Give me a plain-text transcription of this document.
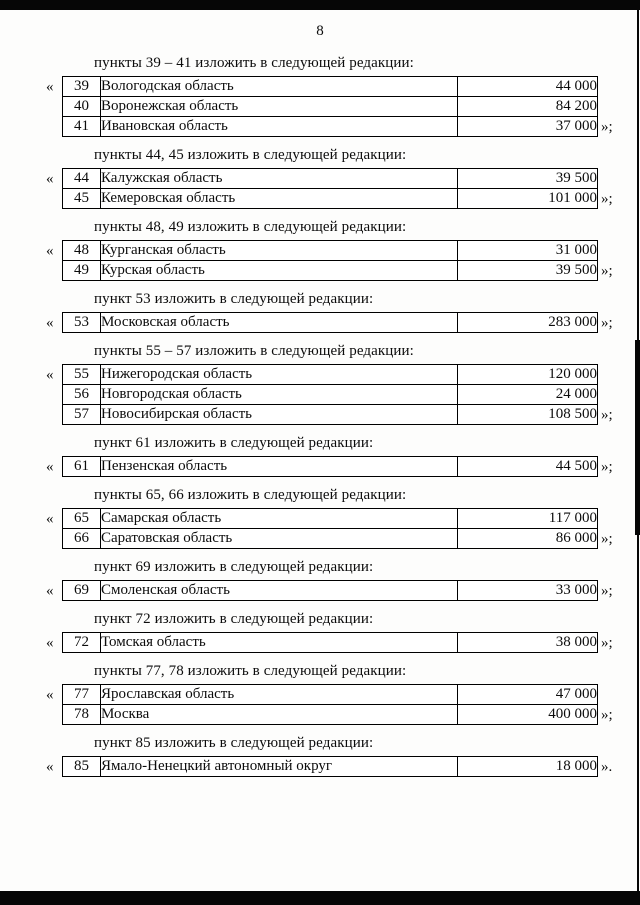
8
пункты 39 – 41 изложить в следующей редакции:
«	39	Вологодская область	44 000
40	Воронежская область	84 200
41	Ивановская область	37 000 »;
пункты 44, 45 изложить в следующей редакции:
«	44	Калужская область	39 500
45	Кемеровская область	101 000 »;
пункты 48, 49 изложить в следующей редакции:
«	48	Курганская область	31 000
49	Курская область	39 500 »;
пункт 53 изложить в следующей редакции:
«	53	Московская область	283 000 »;
пункты 55 – 57 изложить в следующей редакции:
«	55	Нижегородская область	120 000
56	Новгородская область	24 000
57	Новосибирская область	108 500 »;
пункт 61 изложить в следующей редакции:
«	61	Пензенская область	44 500 »;
пункты 65, 66 изложить в следующей редакции:
«	65	Самарская область	117 000
66	Саратовская область	86 000 »;
пункт 69 изложить в следующей редакции:
«	69	Смоленская область	33 000 »;
пункт 72 изложить в следующей редакции:
«	72	Томская область	38 000 »;
пункты 77, 78 изложить в следующей редакции:
«	77	Ярославская область	47 000
78	Москва	400 000 »;
пункт 85 изложить в следующей редакции:
«	85	Ямало-Ненецкий автономный округ	18 000 ».
